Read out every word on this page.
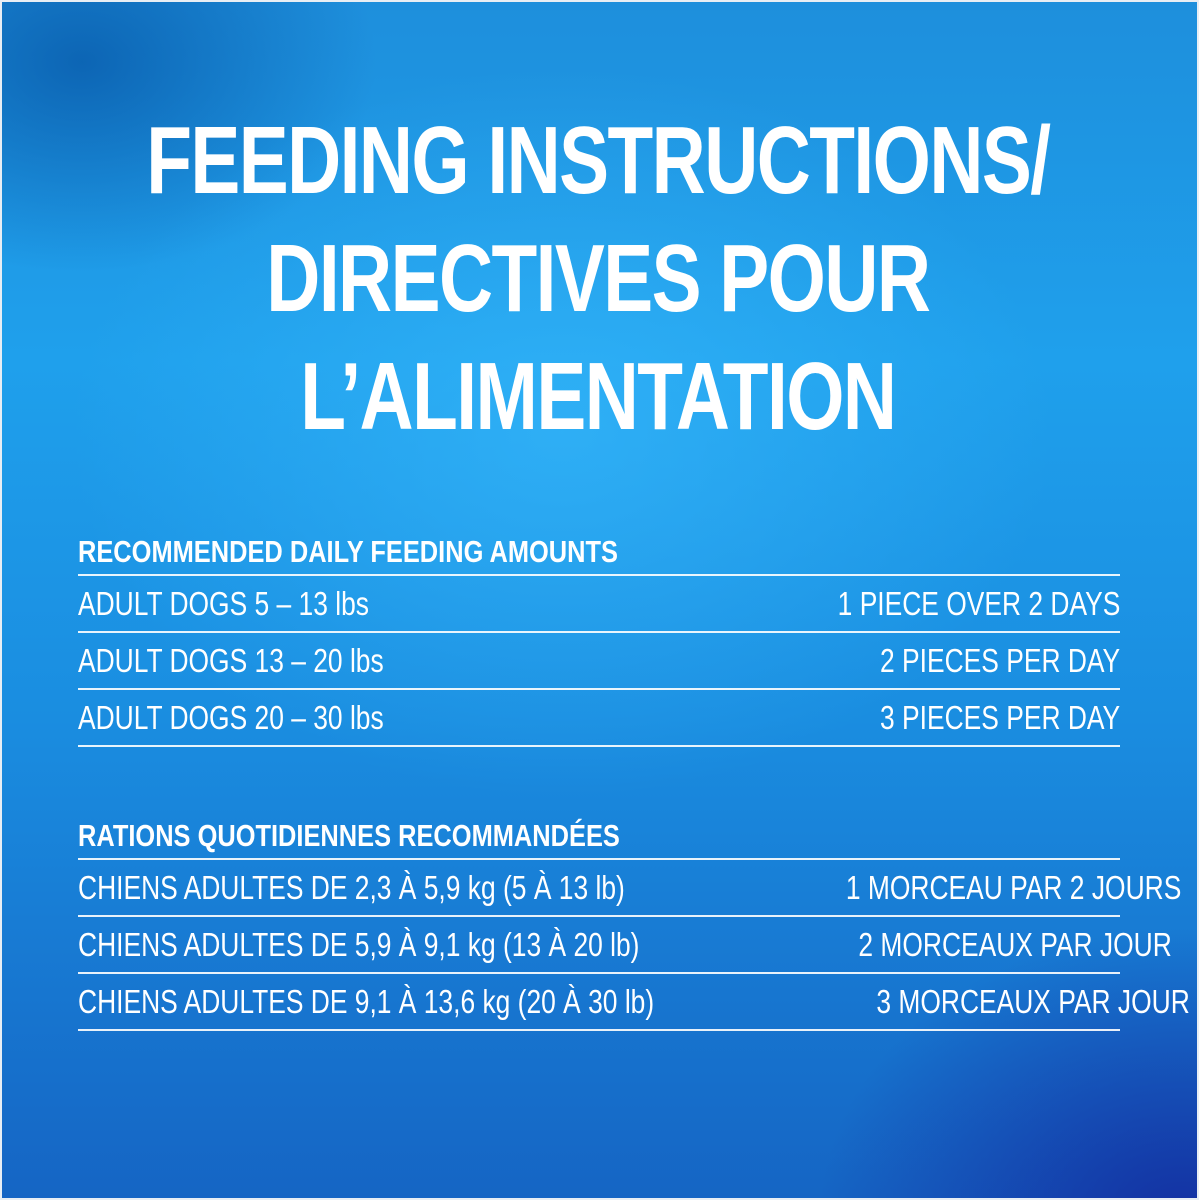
FEEDING INSTRUCTIONS/
DIRECTIVES POUR
L’ALIMENTATION
RECOMMENDED DAILY FEEDING AMOUNTS
ADULT DOGS 5 – 13 lbs	1 PIECE OVER 2 DAYS
ADULT DOGS 13 – 20 lbs	2 PIECES PER DAY
ADULT DOGS 20 – 30 lbs	3 PIECES PER DAY
RATIONS QUOTIDIENNES RECOMMANDÉES
CHIENS ADULTES DE 2,3 À 5,9 kg (5 À 13 lb)	1 MORCEAU PAR 2 JOURS
CHIENS ADULTES DE 5,9 À 9,1 kg (13 À 20 lb)	2 MORCEAUX PAR JOUR
CHIENS ADULTES DE 9,1 À 13,6 kg (20 À 30 lb)	3 MORCEAUX PAR JOUR
